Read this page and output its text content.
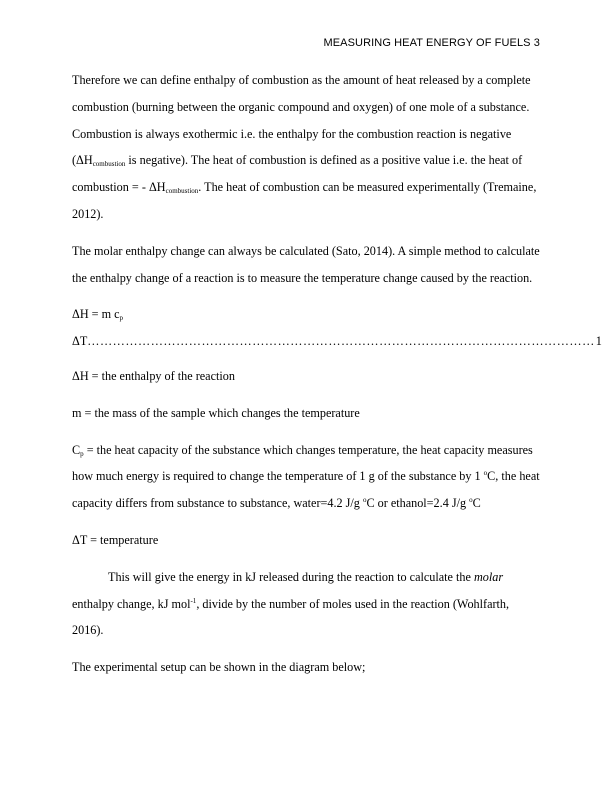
MEASURING HEAT ENERGY OF FUELS 3

Therefore we can define enthalpy of combustion as the amount of heat released by a complete combustion (burning between the organic compound and oxygen) of one mole of a substance. Combustion is always exothermic i.e. the enthalpy for the combustion reaction is negative ($\Delta H_{combustion}$ is negative). The heat of combustion is defined as a positive value i.e. the heat of combustion = - $\Delta H_{combustion}$. The heat of combustion can be measured experimentally (Tremaine, 2012).

The molar enthalpy change can always be calculated (Sato, 2014). A simple method to calculate the enthalpy change of a reaction is to measure the temperature change caused by the reaction.

ΔH = m $c_p$
ΔT ………………………………………………………………………………………………………… 1

ΔH = the enthalpy of the reaction

m = the mass of the sample which changes the temperature

$C_p$ = the heat capacity of the substance which changes temperature, the heat capacity measures how much energy is required to change the temperature of 1 g of the substance by 1 $^o$C, the heat capacity differs from substance to substance, water=4.2 J/g $^o$C or ethanol=2.4 J/g $^o$C

ΔT = temperature

This will give the energy in kJ released during the reaction to calculate the molar enthalpy change, kJ mol$^{-1}$, divide by the number of moles used in the reaction (Wohlfarth, 2016).

The experimental setup can be shown in the diagram below;
